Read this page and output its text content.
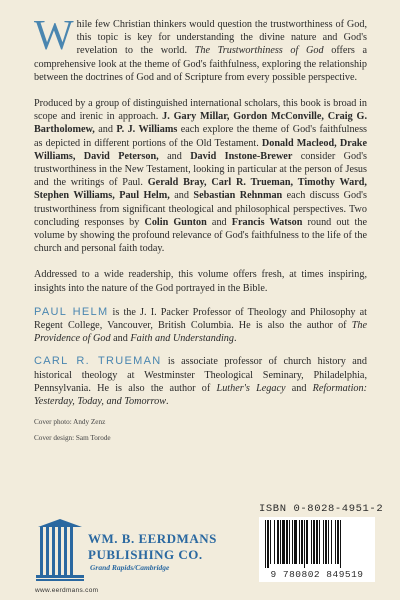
While few Christian thinkers would question the trustworthiness of God, this topic is key for understanding the divine nature and God's revelation to the world. The Trustworthiness of God offers a comprehensive look at the theme of God's faithfulness, exploring the relationship between the doctrines of God and of Scripture from every possible perspective.

Produced by a group of distinguished international scholars, this book is broad in scope and irenic in approach. J. Gary Millar, Gordon McConville, Craig G. Bartholomew, and P. J. Williams each explore the theme of God's faithfulness as depicted in different portions of the Old Testament. Donald Macleod, Drake Williams, David Peterson, and David Instone-Brewer consider God's trustworthiness in the New Testament, looking in particular at the person of Jesus and the writings of Paul. Gerald Bray, Carl R. Trueman, Timothy Ward, Stephen Williams, Paul Helm, and Sebastian Rehnman each discuss God's trustworthiness from significant theological and philosophical perspectives. Two concluding responses by Colin Gunton and Francis Watson round out the volume by showing the profound relevance of God's faithfulness to the life of the church and personal faith today.

Addressed to a wide readership, this volume offers fresh, at times inspiring, insights into the nature of the God portrayed in the Bible.

PAUL HELM is the J. I. Packer Professor of Theology and Philosophy at Regent College, Vancouver, British Columbia. He is also the author of The Providence of God and Faith and Understanding.

CARL R. TRUEMAN is associate professor of church history and historical theology at Westminster Theological Seminary, Philadelphia, Pennsylvania. He is also the author of Luther's Legacy and Reformation: Yesterday, Today, and Tomorrow.

Cover photo: Andy Zenz
Cover design: Sam Torode
ISBN 0-8028-4951-2
9 780802 849519
WM. B. EERDMANS
PUBLISHING CO.
Grand Rapids/Cambridge
www.eerdmans.com
